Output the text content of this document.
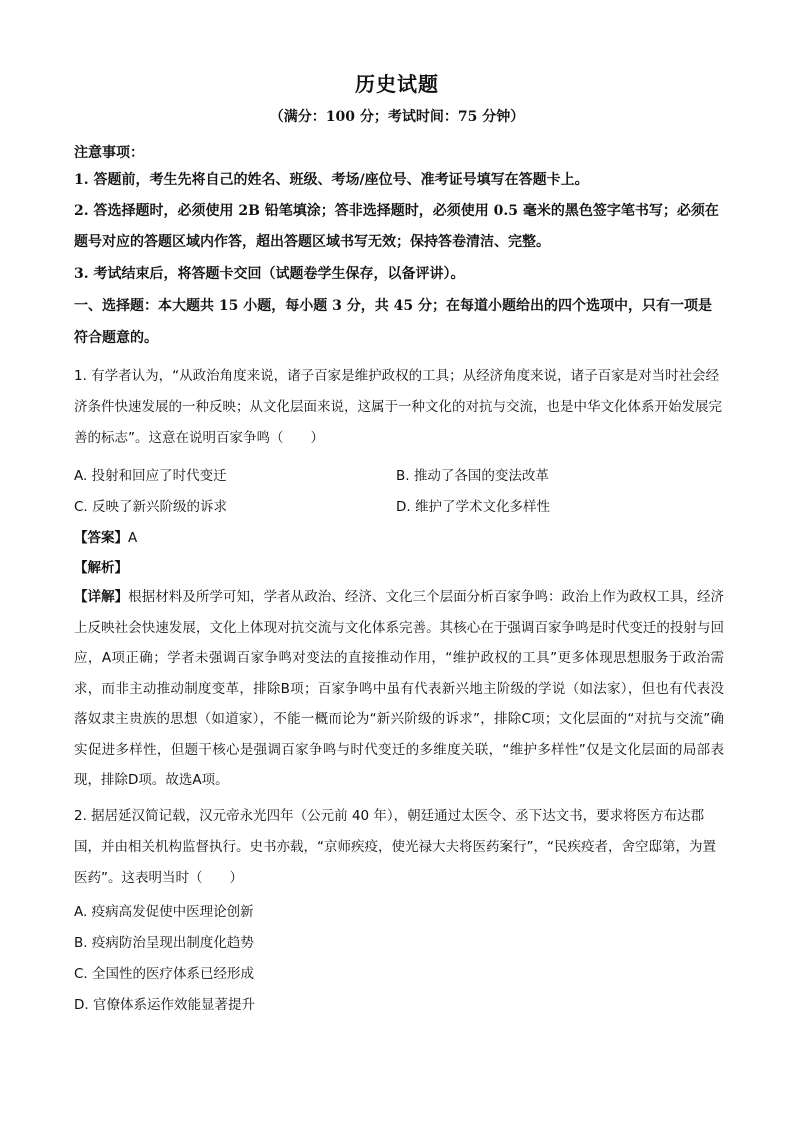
历史试题
（满分：100 分；考试时间：75 分钟）
注意事项：
1. 答题前，考生先将自己的姓名、班级、考场/座位号、准考证号填写在答题卡上。
2. 答选择题时，必须使用 2B 铅笔填涂；答非选择题时，必须使用 0.5 毫米的黑色签字笔书写；必须在题号对应的答题区域内作答，超出答题区域书写无效；保持答卷清洁、完整。
3. 考试结束后，将答题卡交回（试题卷学生保存，以备评讲）。
一、选择题：本大题共 15 小题，每小题 3 分，共 45 分；在每道小题给出的四个选项中，只有一项是符合题意的。
1. 有学者认为，“从政治角度来说，诸子百家是维护政权的工具；从经济角度来说，诸子百家是对当时社会经济条件快速发展的一种反映；从文化层面来说，这属于一种文化的对抗与交流，也是中华文化体系开始发展完善的标志”。这意在说明百家争鸣（　　）
A. 投射和回应了时代变迁	B. 推动了各国的变法改革
C. 反映了新兴阶级的诉求	D. 维护了学术文化多样性
【答案】A
【解析】
【详解】根据材料及所学可知，学者从政治、经济、文化三个层面分析百家争鸣：政治上作为政权工具，经济上反映社会快速发展，文化上体现对抗交流与文化体系完善。其核心在于强调百家争鸣是时代变迁的投射与回应，A项正确；学者未强调百家争鸣对变法的直接推动作用，“维护政权的工具”更多体现思想服务于政治需求，而非主动推动制度变革，排除B项；百家争鸣中虽有代表新兴地主阶级的学说（如法家），但也有代表没落奴隶主贵族的思想（如道家），不能一概而论为“新兴阶级的诉求”，排除C项；文化层面的“对抗与交流”确实促进多样性，但题干核心是强调百家争鸣与时代变迁的多维度关联，“维护多样性”仅是文化层面的局部表现，排除D项。故选A项。
2. 据居延汉简记载，汉元帝永光四年（公元前 40 年），朝廷通过太医令、丞下达文书，要求将医方布达郡国，并由相关机构监督执行。史书亦载，“京师疾疫，使光禄大夫将医药案行”，“民疾疫者，舍空邸第，为置医药”。这表明当时（　　）
A. 疫病高发促使中医理论创新
B. 疫病防治呈现出制度化趋势
C. 全国性的医疗体系已经形成
D. 官僚体系运作效能显著提升
